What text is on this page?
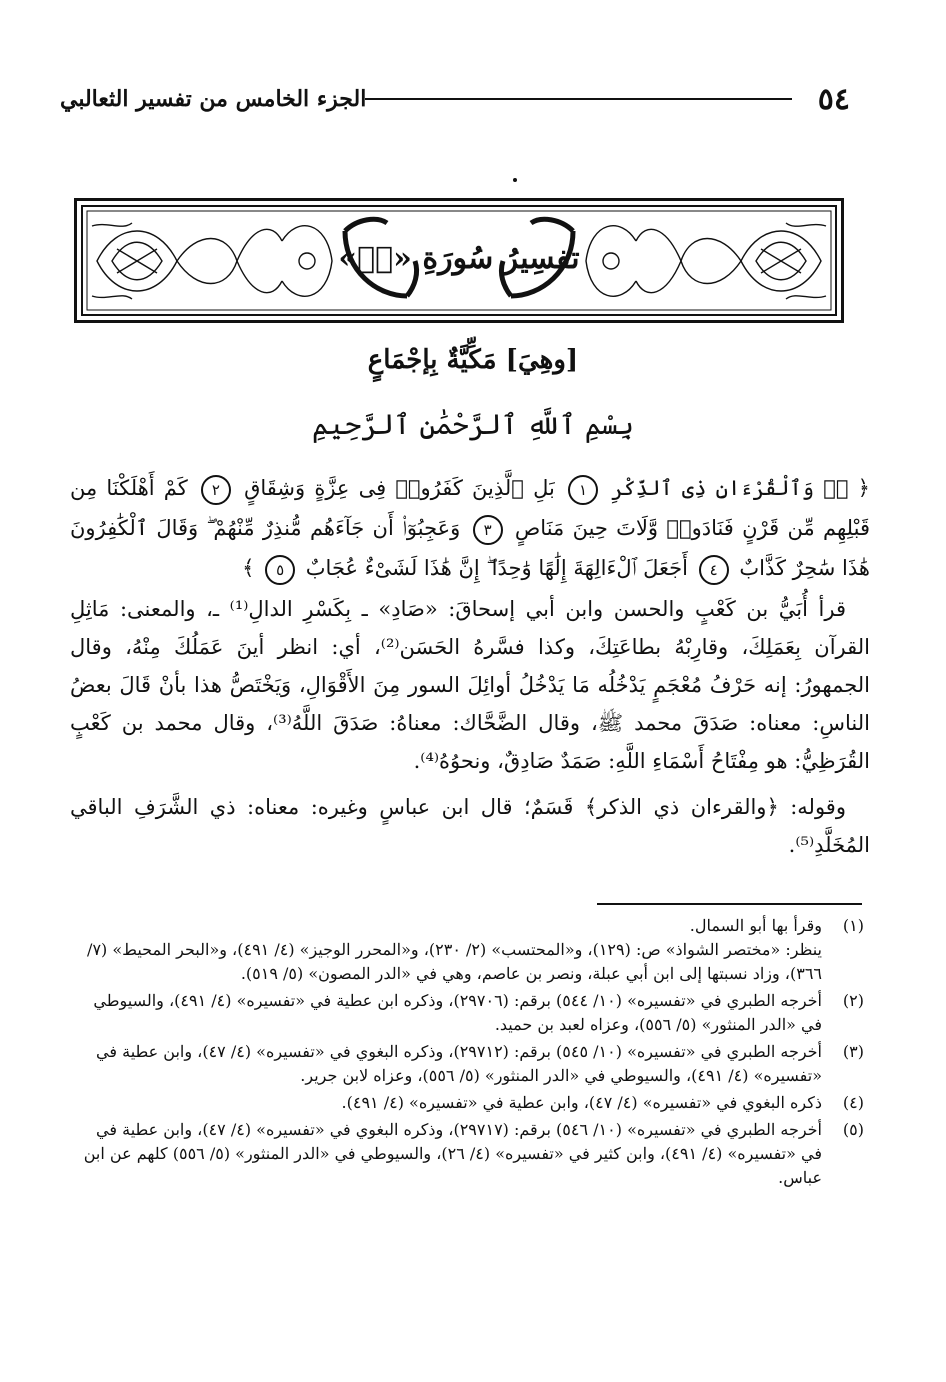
٥٤
الجزء الخامس من تفسير الثعالبي
تفسِيرُ سُورَةِ «صۤ»
[وهِيَ] مَكِّيَّةٌ بِإجْمَاعٍ
بِسْمِ ٱللَّهِ ٱلرَّحْمَٰنِ ٱلرَّحِيمِ
﴿ صۤ وَٱلْقُرْءَانِ ذِى ٱلذِّكْرِ ١ بَلِ ٱلَّذِينَ كَفَرُوا۟ فِى عِزَّةٍ وَشِقَاقٍ ٢ كَمْ أَهْلَكْنَا مِن قَبْلِهِم مِّن قَرْنٍ فَنَادَوا۟ وَّلَاتَ حِينَ مَنَاصٍ ٣ وَعَجِبُوٓا۟ أَن جَآءَهُم مُّنذِرٌ مِّنْهُمْ ۖ وَقَالَ ٱلْكَٰفِرُونَ هَٰذَا سَٰحِرٌ كَذَّابٌ ٤ أَجَعَلَ ٱلْءَالِهَةَ إِلَٰهًا وَٰحِدًا ۖ إِنَّ هَٰذَا لَشَىْءٌ عُجَابٌ ٥ ﴾

قرأ أُبَيُّ بن كَعْبٍ والحسن وابن أبي إسحاقَ: «صَادِ» ـ بِكَسْرِ الدالِ⁽¹⁾ ـ، والمعنى: مَاثِلِ القرآن بِعَمَلِكَ، وقارِبْهُ بطاعَتِكَ، وكذا فسَّرهُ الحَسَن⁽²⁾، أي: انظر أينَ عَمَلُكَ مِنْهُ، وقال الجمهورُ: إنه حَرْفُ مُعْجَمٍ يَدْخُلُه مَا يَدْخُلُ أوائِلَ السور مِنَ الأَقْوَالِ، وَيَخْتَصُّ هذا بأنْ قَالَ بعضُ الناسِ: معناه: صَدَقَ محمد ﷺ، وقال الضَّحَّاك: معناهُ: صَدَقَ اللَّهُ⁽³⁾، وقال محمد بن كَعْبٍ القُرَظِيُّ: هو مِفْتَاحُ أَسْمَاءِ اللَّهِ: صَمَدٌ صَادِقٌ، ونحوُهُ⁽⁴⁾.

وقوله: ﴿والقرءان ذي الذكر﴾ قَسَمٌ؛ قال ابن عباسٍ وغيره: معناه: ذي الشَّرَفِ الباقي المُخَلَّدِ⁽⁵⁾.

(١)
وقرأ بها أبو السمال.
ينظر: «مختصر الشواذ» ص: (١٢٩)، و«المحتسب» (٢/ ٢٣٠)، و«المحرر الوجيز» (٤/ ٤٩١)، و«البحر المحيط» (٧/ ٣٦٦)، وزاد نسبتها إلى ابن أبي عبلة، ونصر بن عاصم، وهي في «الدر المصون» (٥/ ٥١٩).
(٢)
أخرجه الطبري في «تفسيره» (١٠/ ٥٤٤) برقم: (٢٩٧٠٦)، وذكره ابن عطية في «تفسيره» (٤/ ٤٩١)، والسيوطي في «الدر المنثور» (٥/ ٥٥٦)، وعزاه لعبد بن حميد.
(٣)
أخرجه الطبري في «تفسيره» (١٠/ ٥٤٥) برقم: (٢٩٧١٢)، وذكره البغوي في «تفسيره» (٤/ ٤٧)، وابن عطية في «تفسيره» (٤/ ٤٩١)، والسيوطي في «الدر المنثور» (٥/ ٥٥٦)، وعزاه لابن جرير.
(٤)
ذكره البغوي في «تفسيره» (٤/ ٤٧)، وابن عطية في «تفسيره» (٤/ ٤٩١).
(٥)
أخرجه الطبري في «تفسيره» (١٠/ ٥٤٦) برقم: (٢٩٧١٧)، وذكره البغوي في «تفسيره» (٤/ ٤٧)، وابن عطية في في «تفسيره» (٤/ ٤٩١)، وابن كثير في «تفسيره» (٤/ ٢٦)، والسيوطي في «الدر المنثور» (٥/ ٥٥٦) كلهم عن ابن عباس.
